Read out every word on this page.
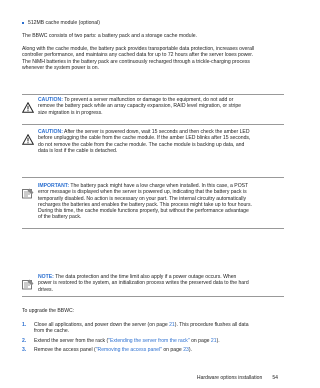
512MB cache module (optional)

The BBWC consists of two parts: a battery pack and a storage cache module.

Along with the cache module, the battery pack provides transportable data protection, increases overall

controller performance, and maintains any cached data for up to 72 hours after the server loses power.

The NiMH batteries in the battery pack are continuously recharged through a trickle-charging process

whenever the system power is on.

CAUTION: To prevent a server malfunction or damage to the equipment, do not add or

remove the battery pack while an array capacity expansion, RAID level migration, or stripe

size migration is in progress.

CAUTION: After the server is powered down, wait 15 seconds and then check the amber LED

before unplugging the cable from the cache module. If the amber LED blinks after 15 seconds,

do not remove the cable from the cache module. The cache module is backing up data, and

data is lost if the cable is detached.

IMPORTANT: The battery pack might have a low charge when installed. In this case, a POST

error message is displayed when the server is powered up, indicating that the battery pack is

temporarily disabled. No action is necessary on your part. The internal circuitry automatically

recharges the batteries and enables the battery pack. This process might take up to four hours.

During this time, the cache module functions properly, but without the performance advantage

of the battery pack.

NOTE: The data protection and the time limit also apply if a power outage occurs. When

power is restored to the system, an initialization process writes the preserved data to the hard

drives.

To upgrade the BBWC:

1. Close all applications, and power down the server (on page 21). This procedure flushes all data

from the cache.

2. Extend the server from the rack ("Extending the server from the rack" on page 21).

3. Remove the access panel ("Removing the access panel" on page 23).

Hardware options installation 54
